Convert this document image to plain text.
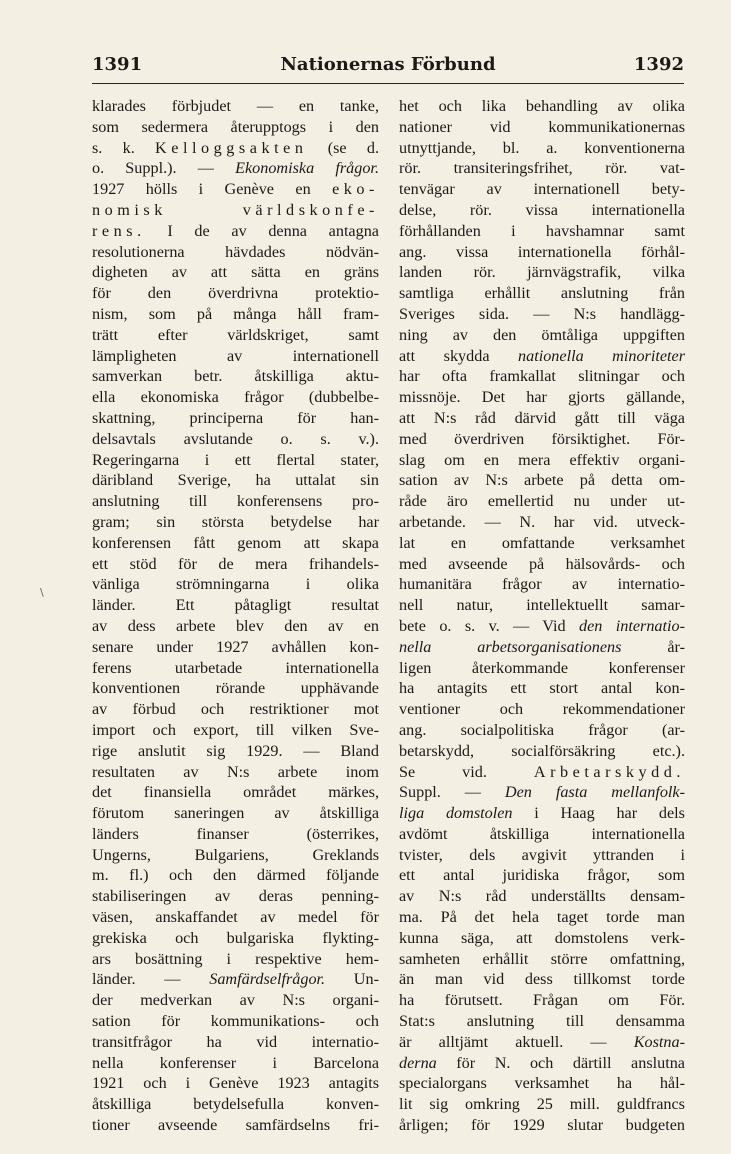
1391	Nationernas Förbund	1392
klarades förbjudet — en tanke,
som sedermera återupptogs i den
s. k. Kelloggsakten (se d.
o. Suppl.). — Ekonomiska frågor.
1927 hölls i Genève en eko-
nomisk världskonfe-
rens. I de av denna antagna
resolutionerna hävdades nödvän-
digheten av att sätta en gräns
för den överdrivna protektio-
nism, som på många håll fram-
trätt efter världskriget, samt
lämpligheten av internationell
samverkan betr. åtskilliga aktu-
ella ekonomiska frågor (dubbelbe-
skattning, principerna för han-
delsavtals avslutande o. s. v.).
Regeringarna i ett flertal stater,
däribland Sverige, ha uttalat sin
anslutning till konferensens pro-
gram; sin största betydelse har
konferensen fått genom att skapa
ett stöd för de mera frihandels-
vänliga strömningarna i olika
länder. Ett påtagligt resultat
av dess arbete blev den av en
senare under 1927 avhållen kon-
ferens utarbetade internationella
konventionen rörande upphävande
av förbud och restriktioner mot
import och export, till vilken Sve-
rige anslutit sig 1929. — Bland
resultaten av N:s arbete inom
det finansiella området märkes,
förutom saneringen av åtskilliga
länders finanser (österrikes,
Ungerns, Bulgariens, Greklands
m. fl.) och den därmed följande
stabiliseringen av deras penning-
väsen, anskaffandet av medel för
grekiska och bulgariska flykting-
ars bosättning i respektive hem-
länder. — Samfärdselfrågor. Un-
der medverkan av N:s organi-
sation för kommunikations- och
transitfrågor ha vid internatio-
nella konferenser i Barcelona
1921 och i Genève 1923 antagits
åtskilliga betydelsefulla konven-
tioner avseende samfärdselns fri-
het och lika behandling av olika
nationer vid kommunikationernas
utnyttjande, bl. a. konventionerna
rör. transiteringsfrihet, rör. vat-
tenvägar av internationell bety-
delse, rör. vissa internationella
förhållanden i havshamnar samt
ang. vissa internationella förhål-
landen rör. järnvägstrafik, vilka
samtliga erhållit anslutning från
Sveriges sida. — N:s handlägg-
ning av den ömtåliga uppgiften
att skydda nationella minoriteter
har ofta framkallat slitningar och
missnöje. Det har gjorts gällande,
att N:s råd därvid gått till väga
med överdriven försiktighet. För-
slag om en mera effektiv organi-
sation av N:s arbete på detta om-
råde äro emellertid nu under ut-
arbetande. — N. har vid. utveck-
lat en omfattande verksamhet
med avseende på hälsovårds- och
humanitära frågor av internatio-
nell natur, intellektuellt samar-
bete o. s. v. — Vid den internatio-
nella arbetsorganisationens år-
ligen återkommande konferenser
ha antagits ett stort antal kon-
ventioner och rekommendationer
ang. socialpolitiska frågor (ar-
betarskydd, socialförsäkring etc.).
Se vid. Arbetarskydd.
Suppl. — Den fasta mellanfolk-
liga domstolen i Haag har dels
avdömt åtskilliga internationella
tvister, dels avgivit yttranden i
ett antal juridiska frågor, som
av N:s råd underställts densam-
ma. På det hela taget torde man
kunna säga, att domstolens verk-
samheten erhållit större omfattning,
än man vid dess tillkomst torde
ha förutsett. Frågan om För.
Stat:s anslutning till densamma
är alltjämt aktuell. — Kostna-
derna för N. och därtill anslutna
specialorgans verksamhet ha hål-
lit sig omkring 25 mill. guldfrancs
årligen; för 1929 slutar budgeten
\
